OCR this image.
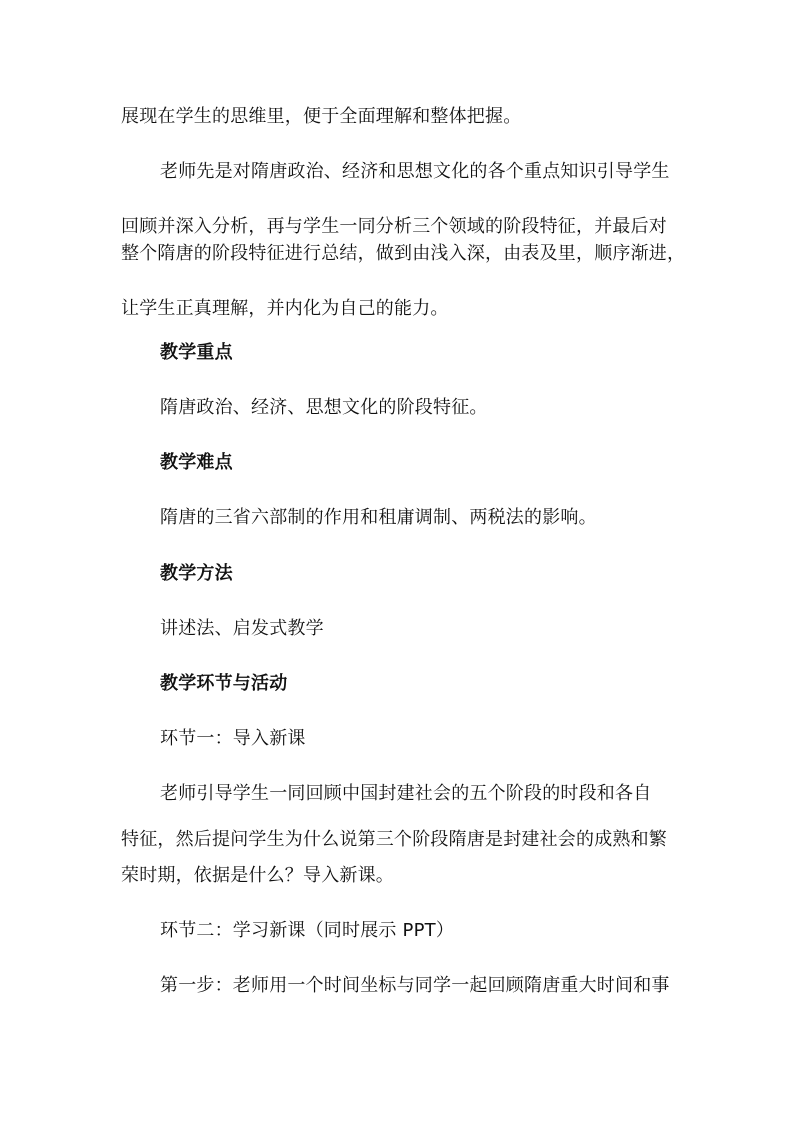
展现在学生的思维里，便于全面理解和整体把握。
老师先是对隋唐政治、经济和思想文化的各个重点知识引导学生
回顾并深入分析，再与学生一同分析三个领域的阶段特征，并最后对
整个隋唐的阶段特征进行总结，做到由浅入深，由表及里，顺序渐进，
让学生正真理解，并内化为自己的能力。
教学重点
隋唐政治、经济、思想文化的阶段特征。
教学难点
隋唐的三省六部制的作用和租庸调制、两税法的影响。
教学方法
讲述法、启发式教学
教学环节与活动
环节一：导入新课
老师引导学生一同回顾中国封建社会的五个阶段的时段和各自
特征，然后提问学生为什么说第三个阶段隋唐是封建社会的成熟和繁
荣时期，依据是什么？导入新课。
环节二：学习新课（同时展示 PPT）
第一步：老师用一个时间坐标与同学一起回顾隋唐重大时间和事
